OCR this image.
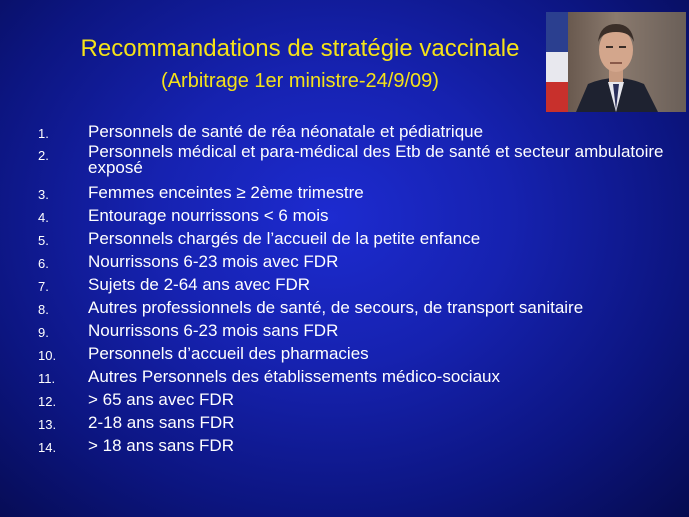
Recommandations de stratégie vaccinale
(Arbitrage 1er ministre-24/9/09)
1.	Personnels de santé de réa néonatale et pédiatrique
2.	Personnels médical et para-médical des Etb de santé et secteur ambulatoire exposé
3.	Femmes enceintes ≥ 2ème trimestre
4.	Entourage nourrissons < 6 mois
5.	Personnels chargés de l’accueil de la petite enfance
6.	Nourrissons 6-23 mois avec FDR
7.	Sujets de 2-64 ans avec FDR
8.	Autres professionnels de santé, de secours, de transport sanitaire
9.	Nourrissons 6-23 mois sans FDR
10.	Personnels d’accueil des pharmacies
11.	Autres Personnels des établissements médico-sociaux
12.	> 65 ans avec FDR
13.	2-18 ans sans FDR
14.	> 18 ans sans FDR
